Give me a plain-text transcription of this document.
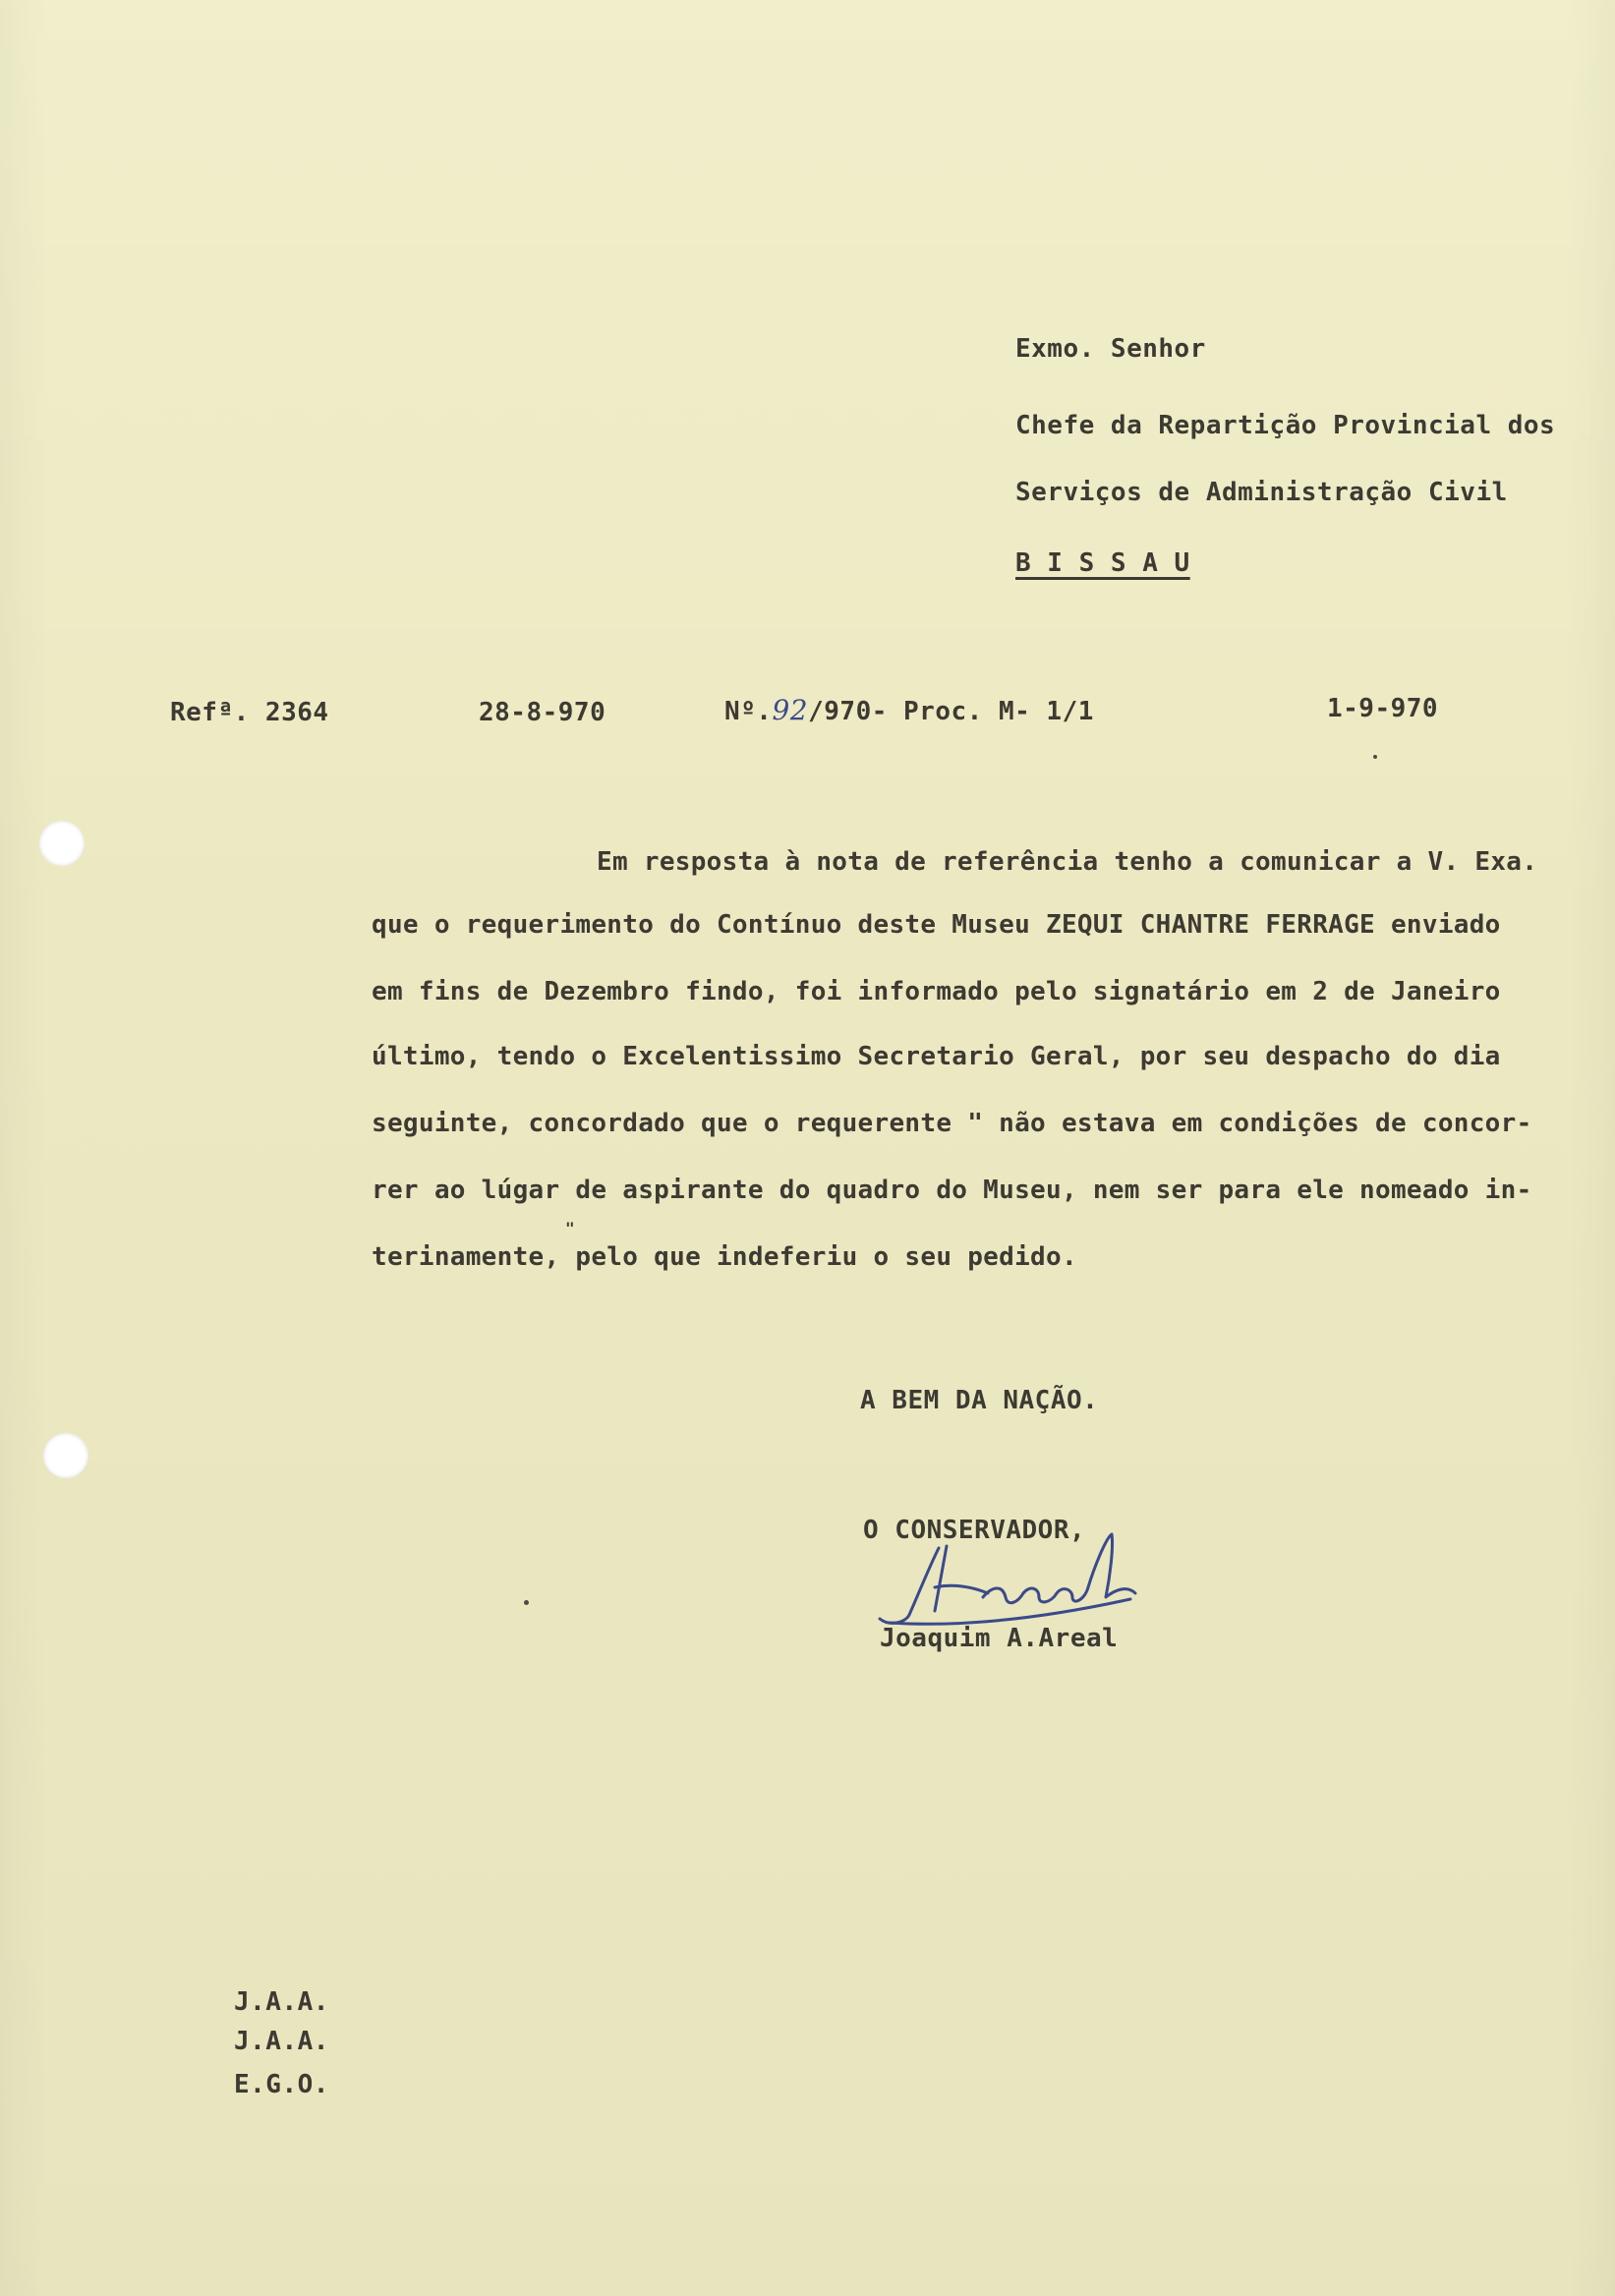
Exmo. Senhor
Chefe da Repartição Provincial dos
Serviços de Administração Civil
B I S S A U
Refª. 2364	28-8-970	Nº.92/970- Proc. M- 1/1	1-9-970
Em resposta à nota de referência tenho a comunicar a V. Exa.
que o requerimento do Contínuo deste Museu ZEQUI CHANTRE FERRAGE enviado
em fins de Dezembro findo, foi informado pelo signatário em 2 de Janeiro
último, tendo o Excelentissimo Secretario Geral, por seu despacho do dia
seguinte, concordado que o requerente " não estava em condições de concor-
rer ao lúgar de aspirante do quadro do Museu, nem ser para ele nomeado in-
terinamente, pelo que indeferiu o seu pedido.
"
A BEM DA NAÇÃO.
O CONSERVADOR,
Joaquim A.Areal
J.A.A.
J.A.A.
E.G.O.
